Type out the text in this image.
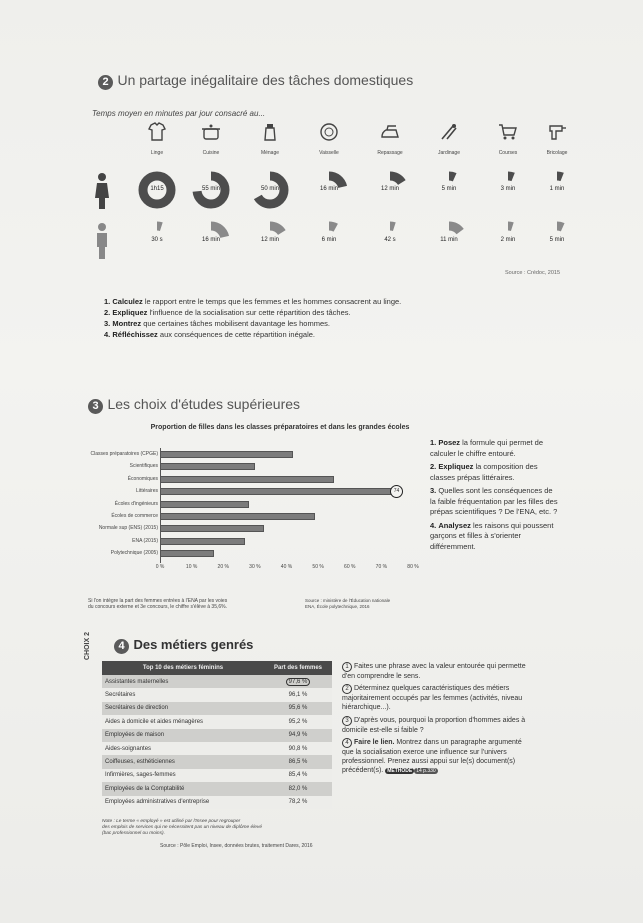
2 Un partage inégalitaire des tâches domestiques
Temps moyen en minutes par jour consacré au...
Linge
1h15
30 s
Cuisine
55 min
16 min
Ménage
50 min
12 min
Vaisselle
16 min
6 min
Repassage
12 min
42 s
Jardinage
5 min
11 min
Courses
3 min
2 min
Bricolage
1 min
5 min
Source : Crédoc, 2015
1. Calculez le rapport entre le temps que les femmes et les hommes consacrent au linge.
2. Expliquez l'influence de la socialisation sur cette répartition des tâches.
3. Montrez que certaines tâches mobilisent davantage les hommes.
4. Réfléchissez aux conséquences de cette répartition inégale.
3 Les choix d'études supérieures
Proportion de filles dans les classes préparatoires et dans les grandes écoles
Classes préparatoires (CPGE)
Scientifiques
Économiques
Littéraires	74
Écoles d'ingénieurs
Écoles de commerce
Normale sup (ENS) (2015)
ENA (2015)
Polytechnique (2005)
0 %	10 %	20 %	30 %	40 %	50 %	60 %	70 %	80 %
Si l'on intègre la part des femmes entrées à l'ENA par les voies
du concours externe et 3e concours, le chiffre s'élève à 35,6%.
Source : ministère de l'Éducation nationale
ENA, École polytechnique, 2016
1. Posez la formule qui permet de calculer le chiffre entouré.
2. Expliquez la composition des classes prépas littéraires.
3. Quelles sont les conséquences de la faible fréquentation par les filles des prépas scientifiques ? De l'ENA, etc. ?
4. Analysez les raisons qui poussent garçons et filles à s'orienter différemment.
CHOIX 2	4 Des métiers genrés
Top 10 des métiers féminins	Part des femmes
Assistantes maternelles	97,6 %
Secrétaires	96,1 %
Secrétaires de direction	95,6 %
Aides à domicile et aides ménagères	95,2 %
Employées de maison	94,9 %
Aides-soignantes	90,8 %
Coiffeuses, esthéticiennes	86,5 %
Infirmières, sages-femmes	85,4 %
Employées de la Comptabilité	82,0 %
Employées administratives d'entreprise	78,2 %
Note : Le terme « employé » est utilisé par l'Insee pour regrouper
des emplois de services qui ne nécessitent pas un niveau de diplôme élevé
(bac professionnel ou moins).
Source : Pôle Emploi, Insee, données brutes, traitement Dares, 2016
1 Faites une phrase avec la valeur entourée qui permette d'en comprendre le sens.
2 Déterminez quelques caractéristiques des métiers majoritairement occupés par les femmes (activités, niveau hiérarchique...).
3 D'après vous, pourquoi la proportion d'hommes aides à domicile est-elle si faible ?
4 Faire le lien. Montrez dans un paragraphe argumenté que la socialisation exerce une influence sur l'univers professionnel. Prenez aussi appui sur le(s) document(s) précédent(s). MÉTHODE 14 p.330
